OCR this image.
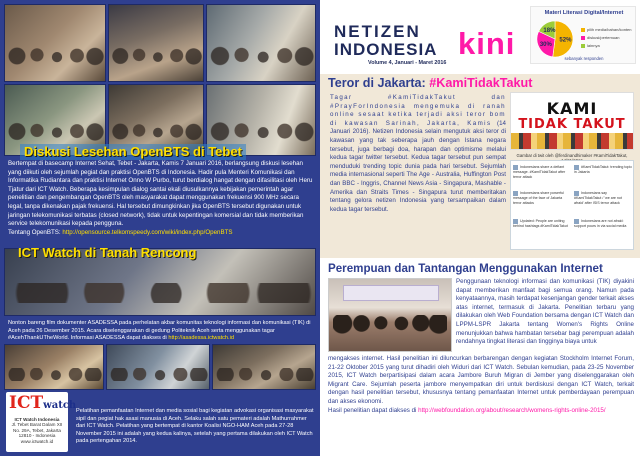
Diskusi Lesehan OpenBTS di Tebet
Bertempat di basecamp Internet Sehat, Tebet - Jakarta, Kamis 7 Januari 2016, berlangsung diskusi lesehan yang diikuti oleh sejumlah pegiat dan praktisi OpenBTS di Indonesia. Hadir pula Menteri Komunikasi dan Informatika Rudiantara dan praktisi Internet Onno W Purbo, turut berdialog hangat dengan difasilitasi oleh Heru Tjatur dari ICT Watch. Beberapa kesimpulan dialog santai ekali diusulkannya kebijakan pemerintah agar penelitian dan pengembangan OpenBTS oleh masyarakat dapat menggunakan frekuensi 900 MHz secara legal, tanpa dikenakan pajak frekuensi. Hal tersebut dimungkinkan jika OpenBTS tersebut digunakan untuk jaringan telekomunikasi terbatas (closed network), tidak untuk kepentingan komersial dan tidak memberikan service telekomunikasi kepada pengguna.
Tentang OpenBTS: http://opensource.telkomspeedy.com/wiki/index.php/OpenBTS
ICT Watch di Tanah Rencong
Nonton bareng film dokumenter ASADESSA pada perhelatan akbar komunitas teknologi informasi dan komunikasi (TIK) di Aceh pada 26 Desember 2015. Acara diselenggarakan di gedung Politeknik Aceh serta menggunakan tagar #AcehThankUTheWorld. Informasi ASADESSA dapat diakses di http://asadessa.ictwatch.id
ICTwatch
ICT Watch Indonesia
Jl. Tebet Barat Dalam XII No. 29A, Tebet, Jakarta 12810 - Indonesia
www.ictwatch.id
Pelatihan pemanfaatan Internet dan media sosial bagi kegiatan advokasi organisasi masyarakat sipil dan pegiat hak asasi manusia di Aceh. Selaku salah satu pemateri adalah Mathurrahmer dari ICT Watch. Pelatihan yang bertempat di kantor Koalisi NGO-HAM Aceh pada 27-28 November 2015 ini adalah yang kedua kalinya, setelah yang pertama dilakukan oleh ICT Watch pada pertengahan 2014.
NETIZEN
INDONESIA kini
Volume 4, Januari - Maret 2016
Materi Literasi Digital/Internet
52%
30%
18%	pilih media/bahan/konten
diskusi/pertemuan
lainnya
sebanyak responden
Teror di Jakarta: #KamiTidakTakut
Tagar #KamiTidakTakut dan #PrayForIndonesia mengemuka di ranah online sesaat ketika terjadi aksi teror bom di kawasan Sarinah, Jakarta, Kamis (14 Januari 2016). Netizen Indonesia selain mengutuk aksi teror di kawasan yang tak seberapa jauh dengan Istana negara tersebut, juga berbagi doa, harapan dan optimisme melalui kedua tagar twitter tersebut. Kedua tagar tersebut pun sempat menduduki trending topic dunia pada hari tersebut. Sejumlah media internasional seperti The Age - Australia, Huffington Post dan BBC - Inggris, Channel News Asia - Singapura, Mashable - Amerika dan Straits Times - Singapura turut memberitakan tentang gelora netizen Indonesia yang tersampaikan dalam kedua tagar tersebut.
KAMI
TIDAK TAKUT
Gambar di twit oleh @ferdinandhimaker #KamiTidakTakut,
Indonesians share a defiant message. #KamiTidakTakut after terror attack
Indonesians share powerful message of the face of Jakarta terror attacks
Updated: People are uniting behind hashtags #KamiTidakTakut
#KamiTidakTakut: trending topic in Jakarta
Indonesians say #KamiTidakTakut / 'we are not afraid' after ISIS terror attack
Indonesians are not afraid: support pours in via social media
Perempuan dan Tantangan Menggunakan Internet
Penggunaan teknologi informasi dan komunikasi (TIK) diyakini dapat memberikan manfaat bagi semua orang. Namun pada kenyataannya, masih terdapat kesenjangan gender terkait akses atas internet, termasuk di Jakarta. Penelitian terbaru yang dilakukan oleh Web Foundation bersama dengan ICT Watch dan LPPM-LSPR Jakarta tentang Women's Rights Online menunjukkan bahwa hambatan tersebar bagi perempuan adalah rendahnya tingkat literasi dan tingginya biaya untuk
mengakses internet. Hasil penelitian ini diluncurkan berbarengan dengan kegiatan Stockholm Internet Forum, 21-22 Oktober 2015 yang turut dihadiri oleh Widuri dari ICT Watch. Sebulan kemudian, pada 23-25 November 2015, ICT Watch berpartisipasi dalam acara Jambore Buruh Migran di Jember yang diselenggarakan oleh Migrant Care. Sejumlah peserta jambore menyempatkan diri untuk berdiskusi dengan ICT Watch, terkait dengan hasil penelitian tersebut, khususnya tentang pemanfaatan Internet untuk pemberdayaan perempuan dan akses ekonomi.
Hasil penelitian dapat diakses di http://webfoundation.org/about/research/womens-rights-online-2015/
